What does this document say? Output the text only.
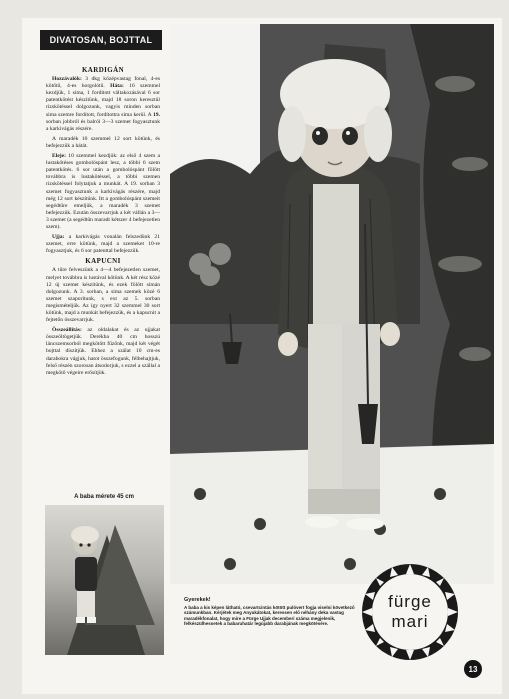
DIVATOSAN, BOJTTAL
KARDIGÁN

Hozzávalók: 3 dkg középvastag fonal, 4-es kötőtű, 4-es horgolótű. Háta: 16 szemmel kezdjük, 1 sima, 1 fordított váltakozásával 6 sor patentkötést készítünk, majd 18 soron keresztül rizskötéssel dolgozunk, vagyis minden sorban sima szemre fordított, fordítottra sima kerül. A 19. sorban jobbról és balról 3—3 szemet fogyasztunk a karkivágás részére.

A maradék 10 szemmel 12 sort kötünk, és befejezzük a hátát.

Eleje: 10 szemmel kezdjük: az első 4 szem a lustakötéses gombolóspánt lesz, a többi 6 szem patentkötés. 6 sor után a gombolóspánt fölött továbbra is lustakötéssel, a többi szemen rizskötéssel folytatjuk a munkát. A 19. sorban 3 szemet fogyasztunk a karkivágás részére, majd még 12 sort készítünk. Itt a gombolóspánt szemeit segédtűre emeljük, a maradék 3 szemet befejezzük. Ezután összevarrjuk a két vállán a 3—3 szemet (a segédtűn maradt kétszer 4 befejezetlen szem).

Ujja: a karkivágás vonalán felszedünk 21 szemet, erre kötünk, majd a szemeket 10-re fogyasztjuk, és 6 sor patenttal befejezzük.

KAPUCNI

A tűre felveszünk a 4—4 befejezetlen szemet, melyet továbbra is lustával kötünk. A két rész közé 12 új szemet készítünk, és ezek fölött simán dolgozunk. A 3. sorban, a sima szemek közé 6 szemet szaporítunk, s ext az 5. sorban megismételjük. Az így nyert 32 szemmel 30 sort kötünk, majd a munkát befejezzük, és a kapucnit a fejtetőn összevarrjuk.

Összeállítás: az oldalakat és az ujjakat összeöltögetjük. Derékba 40 cm hosszú láncszemsorból megkötött fűzőnk, majd két végét bojttal díszítjük. Ehhez a szálat 10 cm-es darabokra vágjuk, hatot összefogunk, félbehajtjuk, felső részén szorosan átsodorjuk, s ezzel a szállal a megkötő végeire erősítjük.

A baba mérete 45 cm
Gyerekek!
A baba a kis képen látható, csevartcintás kötött pulóvert fogja viselni következő számunkban. Kérjétek meg Anyukátokat, keressen elő néhány deka vastag maradékfonalat, hogy mire a Fürge Ujjak decemberi száma megjelenik, felkészülhessetek a babaruhatár legújabb darabjának megkötésére.
fürge
mari
13
